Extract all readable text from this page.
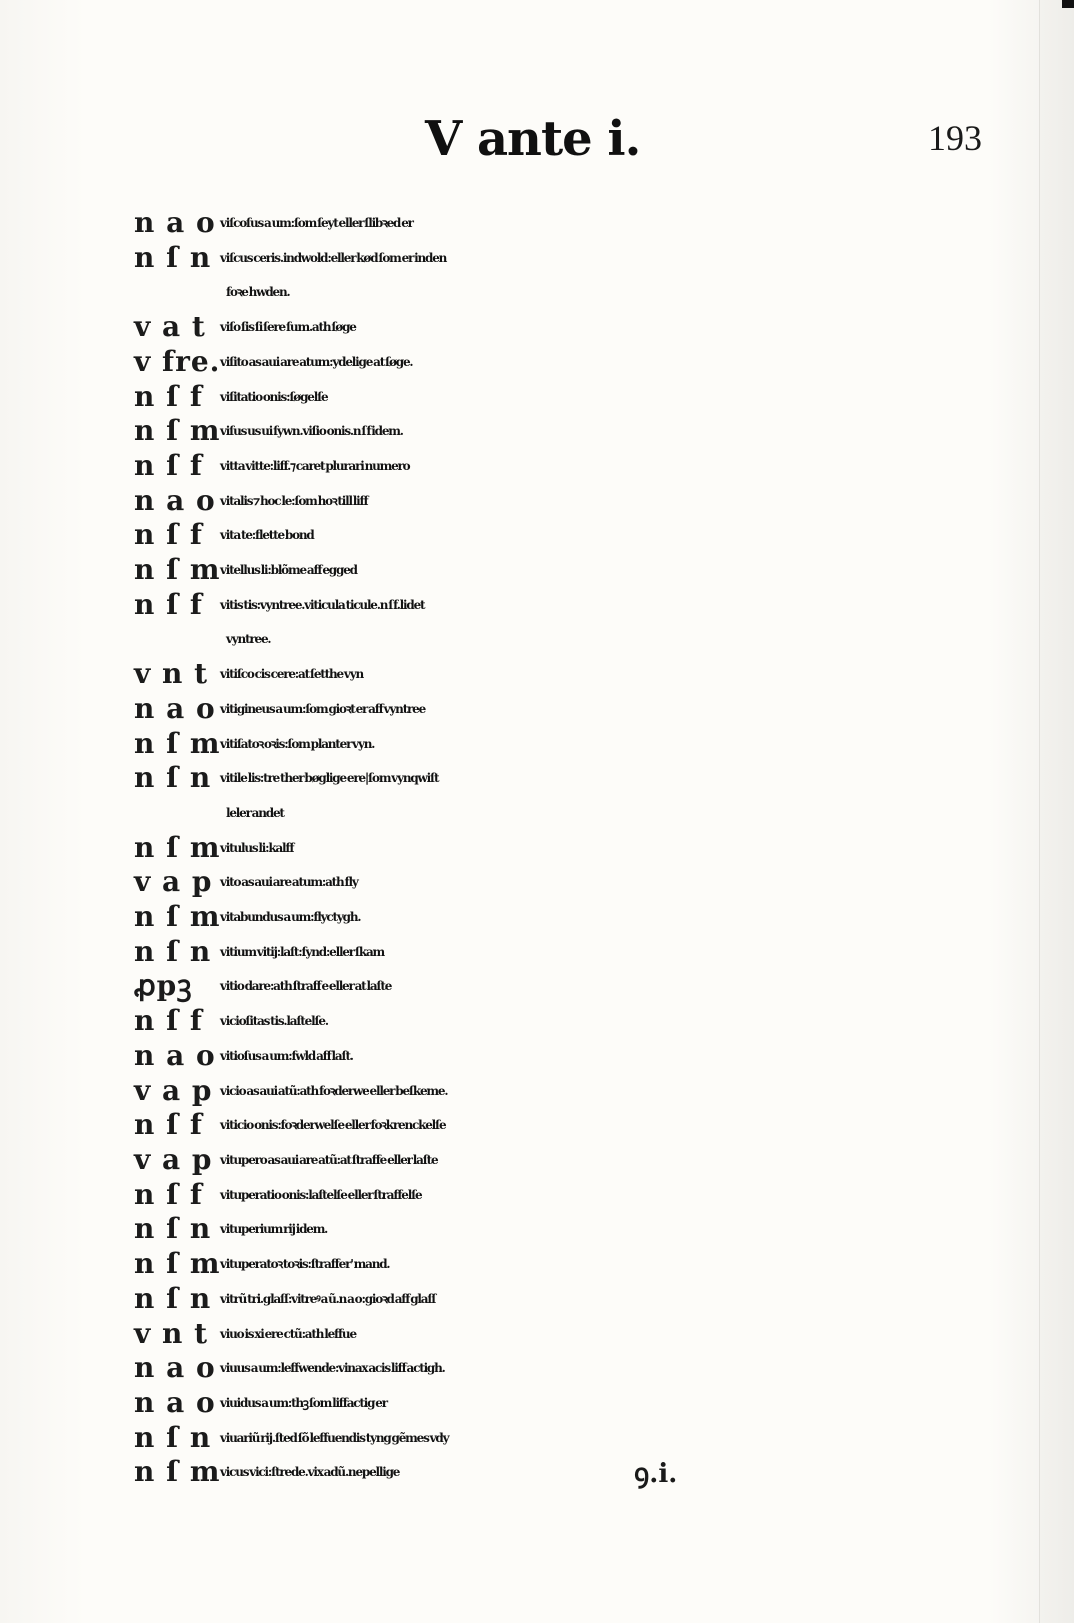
V ante i.	193
n a o viſcoſus a um:ſom ſeyt eller ſlibꝛed er
n ſ n viſcus ceris.indwold:eller kød ſom er inden
foꝛe hwden.
v a t	viſo ſis ſi ſere ſum.ath ſøge
v fre. viſito as aui are atum:ydelige at ſøge.
n ſ f	viſitatio onis:ſøgelſe
n ſ m viſus us ui ſywn.viſio onis.n ſ f idem.
n ſ f	vitta vitte:liff.⁊ caret plurari numero
n a o vitalis ⁊ hoc le:ſom hoꝛ till liff
n ſ f	vita te:flette bond
n ſ m vitellus li:blõme aff egged
n ſ f	vitis tis:vyntree.viticula ticule.n ſ f.lidet
vyntree.
v n t vitiſco cis cere:at ſetthe vyn
n a o vitigineus a um:ſom gioꝛt er aff vyntree
n ſ m vitiſatoꝛ oꝛis:ſom planter vyn.
n ſ n vitile lis:tre ther bøglige ere|ſom vynqwiſt
leler andet
n ſ m vitulus li:kalff
v a p vito as aui are atum:ath fly
n ſ m vitabundus a um:flyctygh.
n ſ n vitium vitij:laſt:ſynd:eller ſkam
ꝓpꝫ	vitio dare:ath ſtraff e eller at laſte
n ſ f	viciοſitas tis.laſtelſe.
n a o vitioſus a um:fwld aff laſt.
v a p vicio as aui atũ:ath foꝛderwe eller beſkeme.
n ſ f	viticio onis:foꝛderwelſe eller foꝛkrenckelſe
v a p vitupero as aui are atũ:at ſtraffe eller laſte
n ſ f	vituperatio onis:laſtelſe eller ſtraffelſe
n ſ n vituperium rij idem.
n ſ m vituperatoꝛ toꝛis:ſtraffer' mand.
n ſ n vitrũ tri.glaſſ:vitreꝰ a ũ.n a o:gioꝛd aff glaſſ
v n t viuo is xi ere ctũ:ath leffue
n a o viuus a um:leffwende:vinax acis liff actigh.
n a o viuidus a um:thꝫ ſom liffactig er
n ſ n viuariũ rij.ſted ſõ leffuendis tyng gẽmes vdy
n ſ m vicus vici:ſtrede.vix adũ.nepellige	ꝯ.i.
